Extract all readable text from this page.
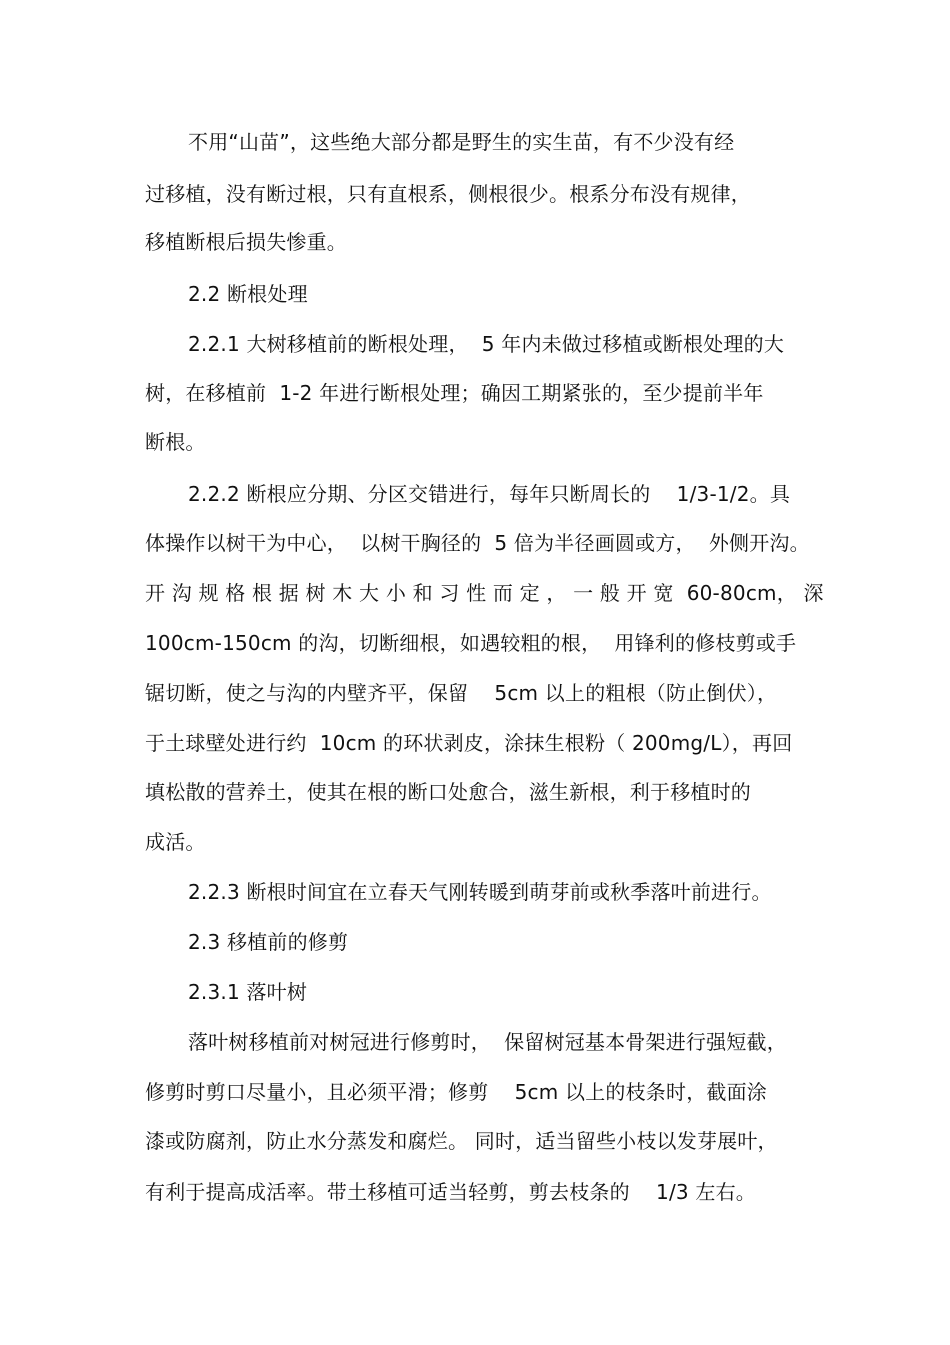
不用“山苗”，这些绝大部分都是野生的实生苗，有不少没有经
过移植，没有断过根，只有直根系，侧根很少。根系分布没有规律，
移植断根后损失惨重。
2.2 断根处理
2.2.1 大树移植前的断根处理，  5 年内未做过移植或断根处理的大
树，在移植前  1-2 年进行断根处理；确因工期紧张的，至少提前半年
断根。
2.2.2 断根应分期、分区交错进行，每年只断周长的    1/3-1/2。具
体操作以树干为中心，  以树干胸径的  5 倍为半径画圆或方，  外侧开沟。
开 沟 规 格 根 据 树 木 大 小 和 习 性 而 定 ， 一 般 开 宽  60-80cm， 深
100cm-150cm 的沟，切断细根，如遇较粗的根，  用锋利的修枝剪或手
锯切断，使之与沟的内壁齐平，保留    5cm 以上的粗根（防止倒伏），
于土球壁处进行约  10cm 的环状剥皮，涂抹生根粉（ 200mg/L），再回
填松散的营养土，使其在根的断口处愈合，滋生新根，利于移植时的
成活。
2.2.3 断根时间宜在立春天气刚转暖到萌芽前或秋季落叶前进行。
2.3 移植前的修剪
2.3.1 落叶树
落叶树移植前对树冠进行修剪时，  保留树冠基本骨架进行强短截，
修剪时剪口尽量小，且必须平滑；修剪    5cm 以上的枝条时，截面涂
漆或防腐剂，防止水分蒸发和腐烂。 同时，适当留些小枝以发芽展叶，
有利于提高成活率。带土移植可适当轻剪，剪去枝条的    1/3 左右。
